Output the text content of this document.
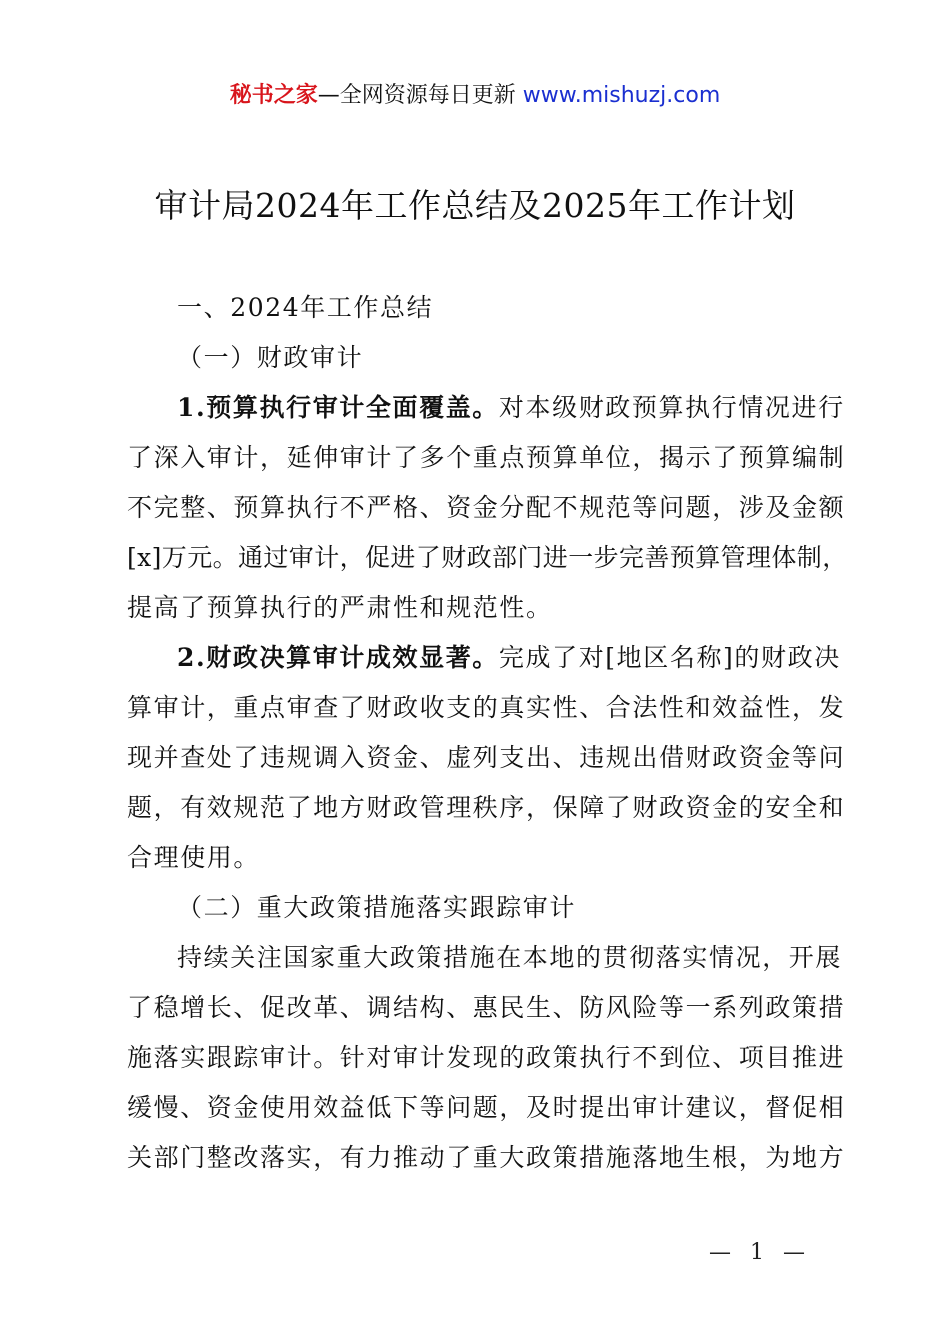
秘书之家—全网资源每日更新 www.mishuzj.com
审计局2024年工作总结及2025年工作计划
一、2024年工作总结
（一）财政审计
1.预算执行审计全面覆盖。对本级财政预算执行情况进行
了深入审计，延伸审计了多个重点预算单位，揭示了预算编制
不完整、预算执行不严格、资金分配不规范等问题，涉及金额
[x]万元。通过审计，促进了财政部门进一步完善预算管理体制，
提高了预算执行的严肃性和规范性。
2.财政决算审计成效显著。完成了对[地区名称]的财政决
算审计，重点审查了财政收支的真实性、合法性和效益性，发
现并查处了违规调入资金、虚列支出、违规出借财政资金等问
题，有效规范了地方财政管理秩序，保障了财政资金的安全和
合理使用。
（二）重大政策措施落实跟踪审计
持续关注国家重大政策措施在本地的贯彻落实情况，开展
了稳增长、促改革、调结构、惠民生、防风险等一系列政策措
施落实跟踪审计。针对审计发现的政策执行不到位、项目推进
缓慢、资金使用效益低下等问题，及时提出审计建议，督促相
关部门整改落实，有力推动了重大政策措施落地生根，为地方
— 1 —
